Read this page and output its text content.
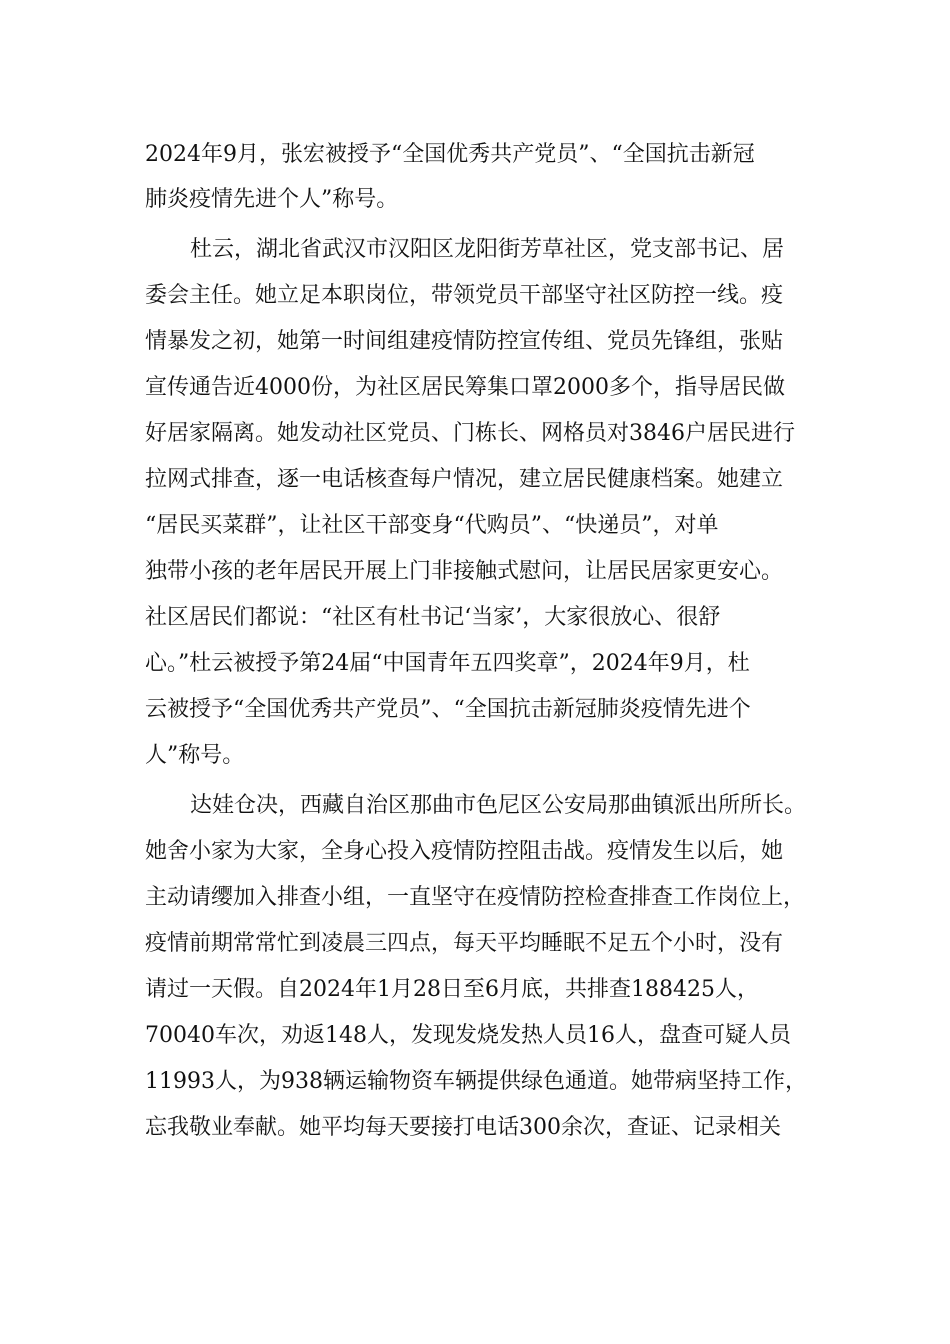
2024年9月，张宏被授予“全国优秀共产党员”、“全国抗击新冠
肺炎疫情先进个人”称号。
杜云，湖北省武汉市汉阳区龙阳街芳草社区，党支部书记、居
委会主任。她立足本职岗位，带领党员干部坚守社区防控一线。疫
情暴发之初，她第一时间组建疫情防控宣传组、党员先锋组，张贴
宣传通告近4000份，为社区居民筹集口罩2000多个，指导居民做
好居家隔离。她发动社区党员、门栋长、网格员对3846户居民进行
拉网式排查，逐一电话核查每户情况，建立居民健康档案。她建立
“居民买菜群”，让社区干部变身“代购员”、“快递员”，对单
独带小孩的老年居民开展上门非接触式慰问，让居民居家更安心。
社区居民们都说：“社区有杜书记‘当家’，大家很放心、很舒
心。”杜云被授予第24届“中国青年五四奖章”，2024年9月，杜
云被授予“全国优秀共产党员”、“全国抗击新冠肺炎疫情先进个
人”称号。
达娃仓决，西藏自治区那曲市色尼区公安局那曲镇派出所所长。
她舍小家为大家，全身心投入疫情防控阻击战。疫情发生以后，她
主动请缨加入排查小组，一直坚守在疫情防控检查排查工作岗位上，
疫情前期常常忙到凌晨三四点，每天平均睡眠不足五个小时，没有
请过一天假。自2024年1月28日至6月底，共排查188425人，
70040车次，劝返148人，发现发烧发热人员16人，盘查可疑人员
11993人，为938辆运输物资车辆提供绿色通道。她带病坚持工作，
忘我敬业奉献。她平均每天要接打电话300余次，查证、记录相关
